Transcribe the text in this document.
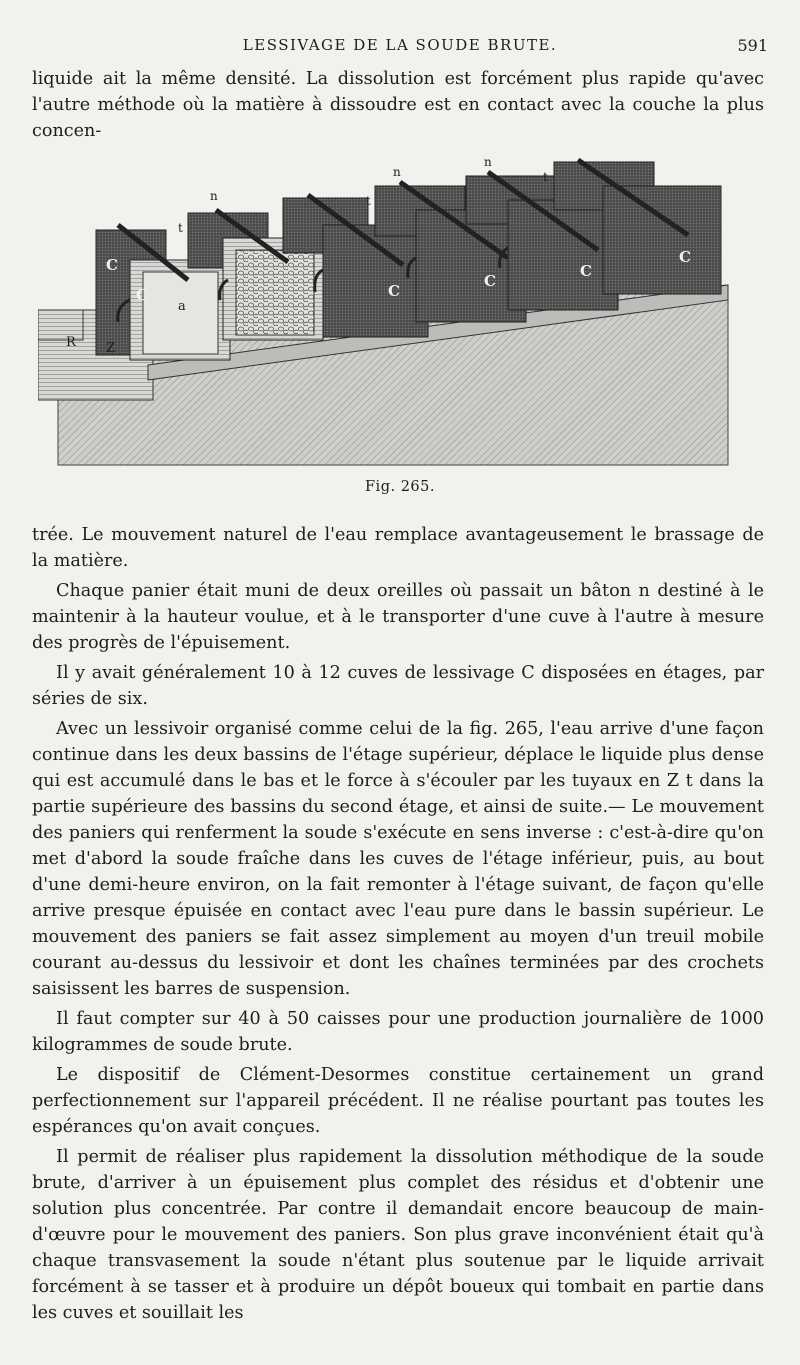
LESSIVAGE DE LA SOUDE BRUTE.	591

liquide ait la même densité. La dissolution est forcément plus rapide qu'avec l'autre méthode où la matière à dissoudre est en contact avec la couche la plus concen-

C
C
a
Z
R
n
n
n
t
t
t
C
C
C
C
Fig. 265.

trée. Le mouvement naturel de l'eau remplace avantageusement le brassage de la matière.

Chaque panier était muni de deux oreilles où passait un bâton n destiné à le maintenir à la hauteur voulue, et à le transporter d'une cuve à l'autre à mesure des progrès de l'épuisement.

Il y avait généralement 10 à 12 cuves de lessivage C disposées en étages, par séries de six.

Avec un lessivoir organisé comme celui de la fig. 265, l'eau arrive d'une façon continue dans les deux bassins de l'étage supérieur, déplace le liquide plus dense qui est accumulé dans le bas et le force à s'écouler par les tuyaux en Z t dans la partie supérieure des bassins du second étage, et ainsi de suite.— Le mouvement des paniers qui renferment la soude s'exécute en sens inverse : c'est-à-dire qu'on met d'abord la soude fraîche dans les cuves de l'étage inférieur, puis, au bout d'une demi-heure environ, on la fait remonter à l'étage suivant, de façon qu'elle arrive presque épuisée en contact avec l'eau pure dans le bassin supérieur. Le mouvement des paniers se fait assez simplement au moyen d'un treuil mobile courant au-dessus du lessivoir et dont les chaînes terminées par des crochets saisissent les barres de suspension.

Il faut compter sur 40 à 50 caisses pour une production journalière de 1000 kilogrammes de soude brute.

Le dispositif de Clément-Desormes constitue certainement un grand perfectionnement sur l'appareil précédent. Il ne réalise pourtant pas toutes les espérances qu'on avait conçues.

Il permit de réaliser plus rapidement la dissolution méthodique de la soude brute, d'arriver à un épuisement plus complet des résidus et d'obtenir une solution plus concentrée. Par contre il demandait encore beaucoup de main-d'œuvre pour le mouvement des paniers. Son plus grave inconvénient était qu'à chaque transvasement la soude n'étant plus soutenue par le liquide arrivait forcément à se tasser et à produire un dépôt boueux qui tombait en partie dans les cuves et souillait les
